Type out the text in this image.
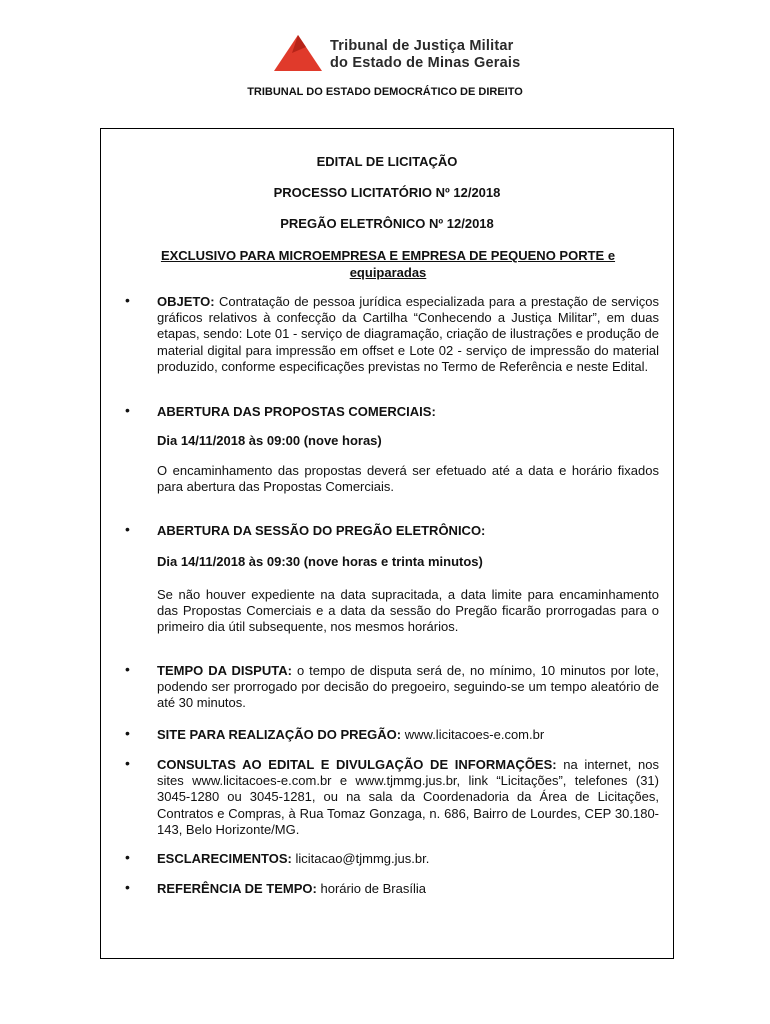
Tribunal de Justiça Militar
do Estado de Minas Gerais
TRIBUNAL DO ESTADO DEMOCRÁTICO DE DIREITO
EDITAL DE LICITAÇÃO
PROCESSO LICITATÓRIO Nº 12/2018
PREGÃO ELETRÔNICO Nº 12/2018
EXCLUSIVO PARA MICROEMPRESA E EMPRESA DE PEQUENO PORTE e equiparadas
• OBJETO: Contratação de pessoa jurídica especializada para a prestação de serviços gráficos relativos à confecção da Cartilha “Conhecendo a Justiça Militar”, em duas etapas, sendo: Lote 01 - serviço de diagramação, criação de ilustrações e produção de material digital para impressão em offset e Lote 02 - serviço de impressão do material produzido, conforme especificações previstas no Termo de Referência e neste Edital.
• ABERTURA DAS PROPOSTAS COMERCIAIS:
Dia 14/11/2018 às 09:00 (nove horas)
O encaminhamento das propostas deverá ser efetuado até a data e horário fixados para abertura das Propostas Comerciais.
• ABERTURA DA SESSÃO DO PREGÃO ELETRÔNICO:
Dia 14/11/2018 às 09:30 (nove horas e trinta minutos)
Se não houver expediente na data supracitada, a data limite para encaminhamento das Propostas Comerciais e a data da sessão do Pregão ficarão prorrogadas para o primeiro dia útil subsequente, nos mesmos horários.
• TEMPO DA DISPUTA: o tempo de disputa será de, no mínimo, 10 minutos por lote, podendo ser prorrogado por decisão do pregoeiro, seguindo-se um tempo aleatório de até 30 minutos.
• SITE PARA REALIZAÇÃO DO PREGÃO: www.licitacoes-e.com.br
• CONSULTAS AO EDITAL E DIVULGAÇÃO DE INFORMAÇÕES: na internet, nos sites www.licitacoes-e.com.br e www.tjmmg.jus.br, link “Licitações”, telefones (31) 3045-1280 ou 3045-1281, ou na sala da Coordenadoria da Área de Licitações, Contratos e Compras, à Rua Tomaz Gonzaga, n. 686, Bairro de Lourdes, CEP 30.180-143, Belo Horizonte/MG.
• ESCLARECIMENTOS: licitacao@tjmmg.jus.br.
• REFERÊNCIA DE TEMPO: horário de Brasília
